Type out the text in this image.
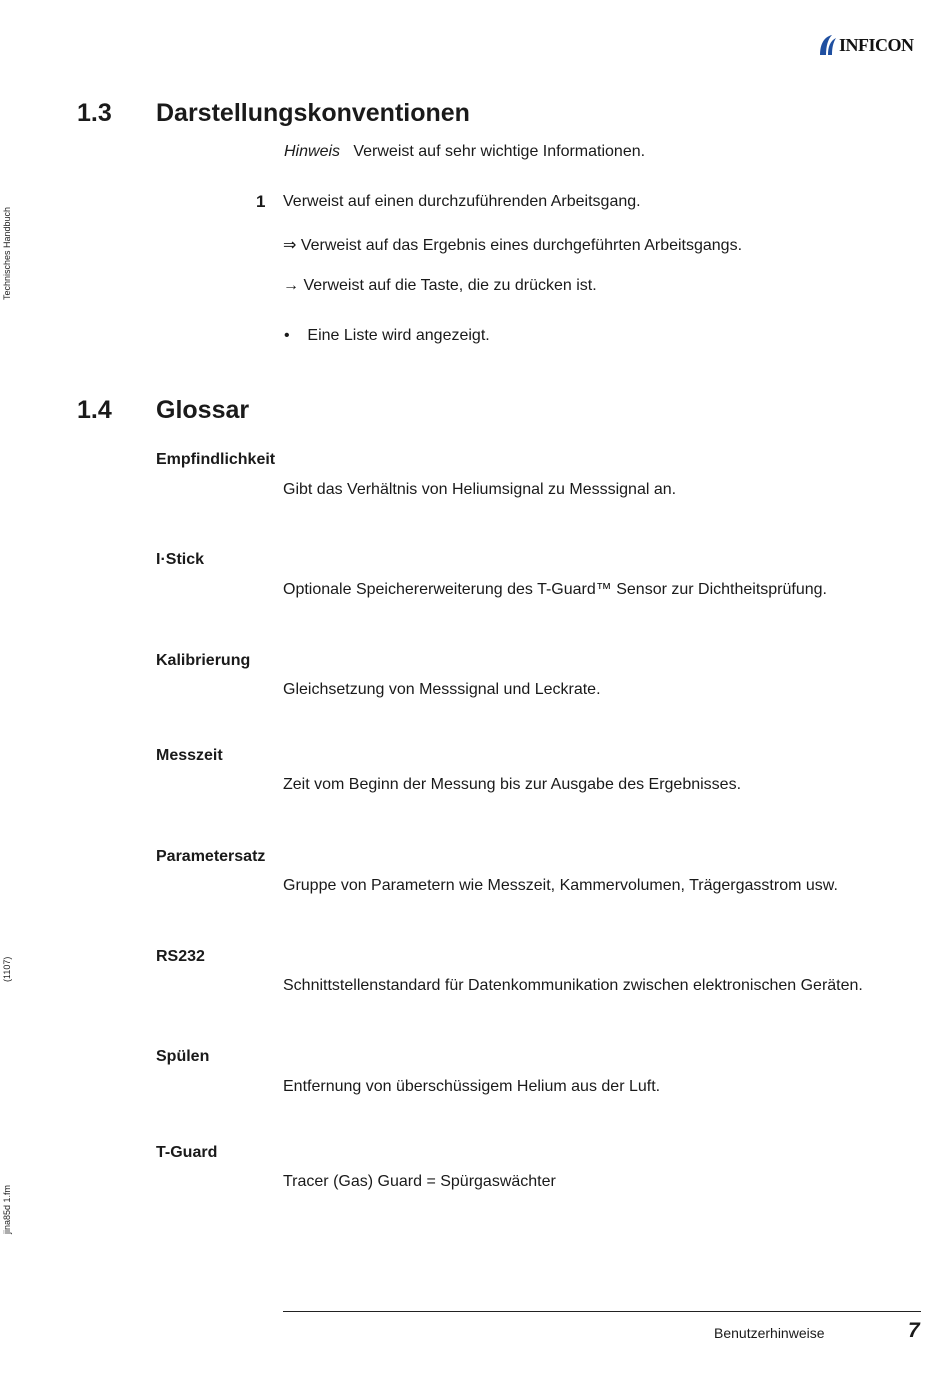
INFICON
Technisches Handbuch
(1107)
jina85d 1.fm
1.3 Darstellungskonventionen
Hinweis Verweist auf sehr wichtige Informationen.
1 Verweist auf einen durchzuführenden Arbeitsgang.
⇒ Verweist auf das Ergebnis eines durchgeführten Arbeitsgangs.
→ Verweist auf die Taste, die zu drücken ist.
• Eine Liste wird angezeigt.
1.4 Glossar
Empfindlichkeit
Gibt das Verhältnis von Heliumsignal zu Messsignal an.
I·Stick
Optionale Speichererweiterung des T-Guard™ Sensor zur Dichtheitsprüfung.
Kalibrierung
Gleichsetzung von Messsignal und Leckrate.
Messzeit
Zeit vom Beginn der Messung bis zur Ausgabe des Ergebnisses.
Parametersatz
Gruppe von Parametern wie Messzeit, Kammervolumen, Trägergasstrom usw.
RS232
Schnittstellenstandard für Datenkommunikation zwischen elektronischen Geräten.
Spülen
Entfernung von überschüssigem Helium aus der Luft.
T-Guard
Tracer (Gas) Guard = Spürgaswächter
Benutzerhinweise	7
